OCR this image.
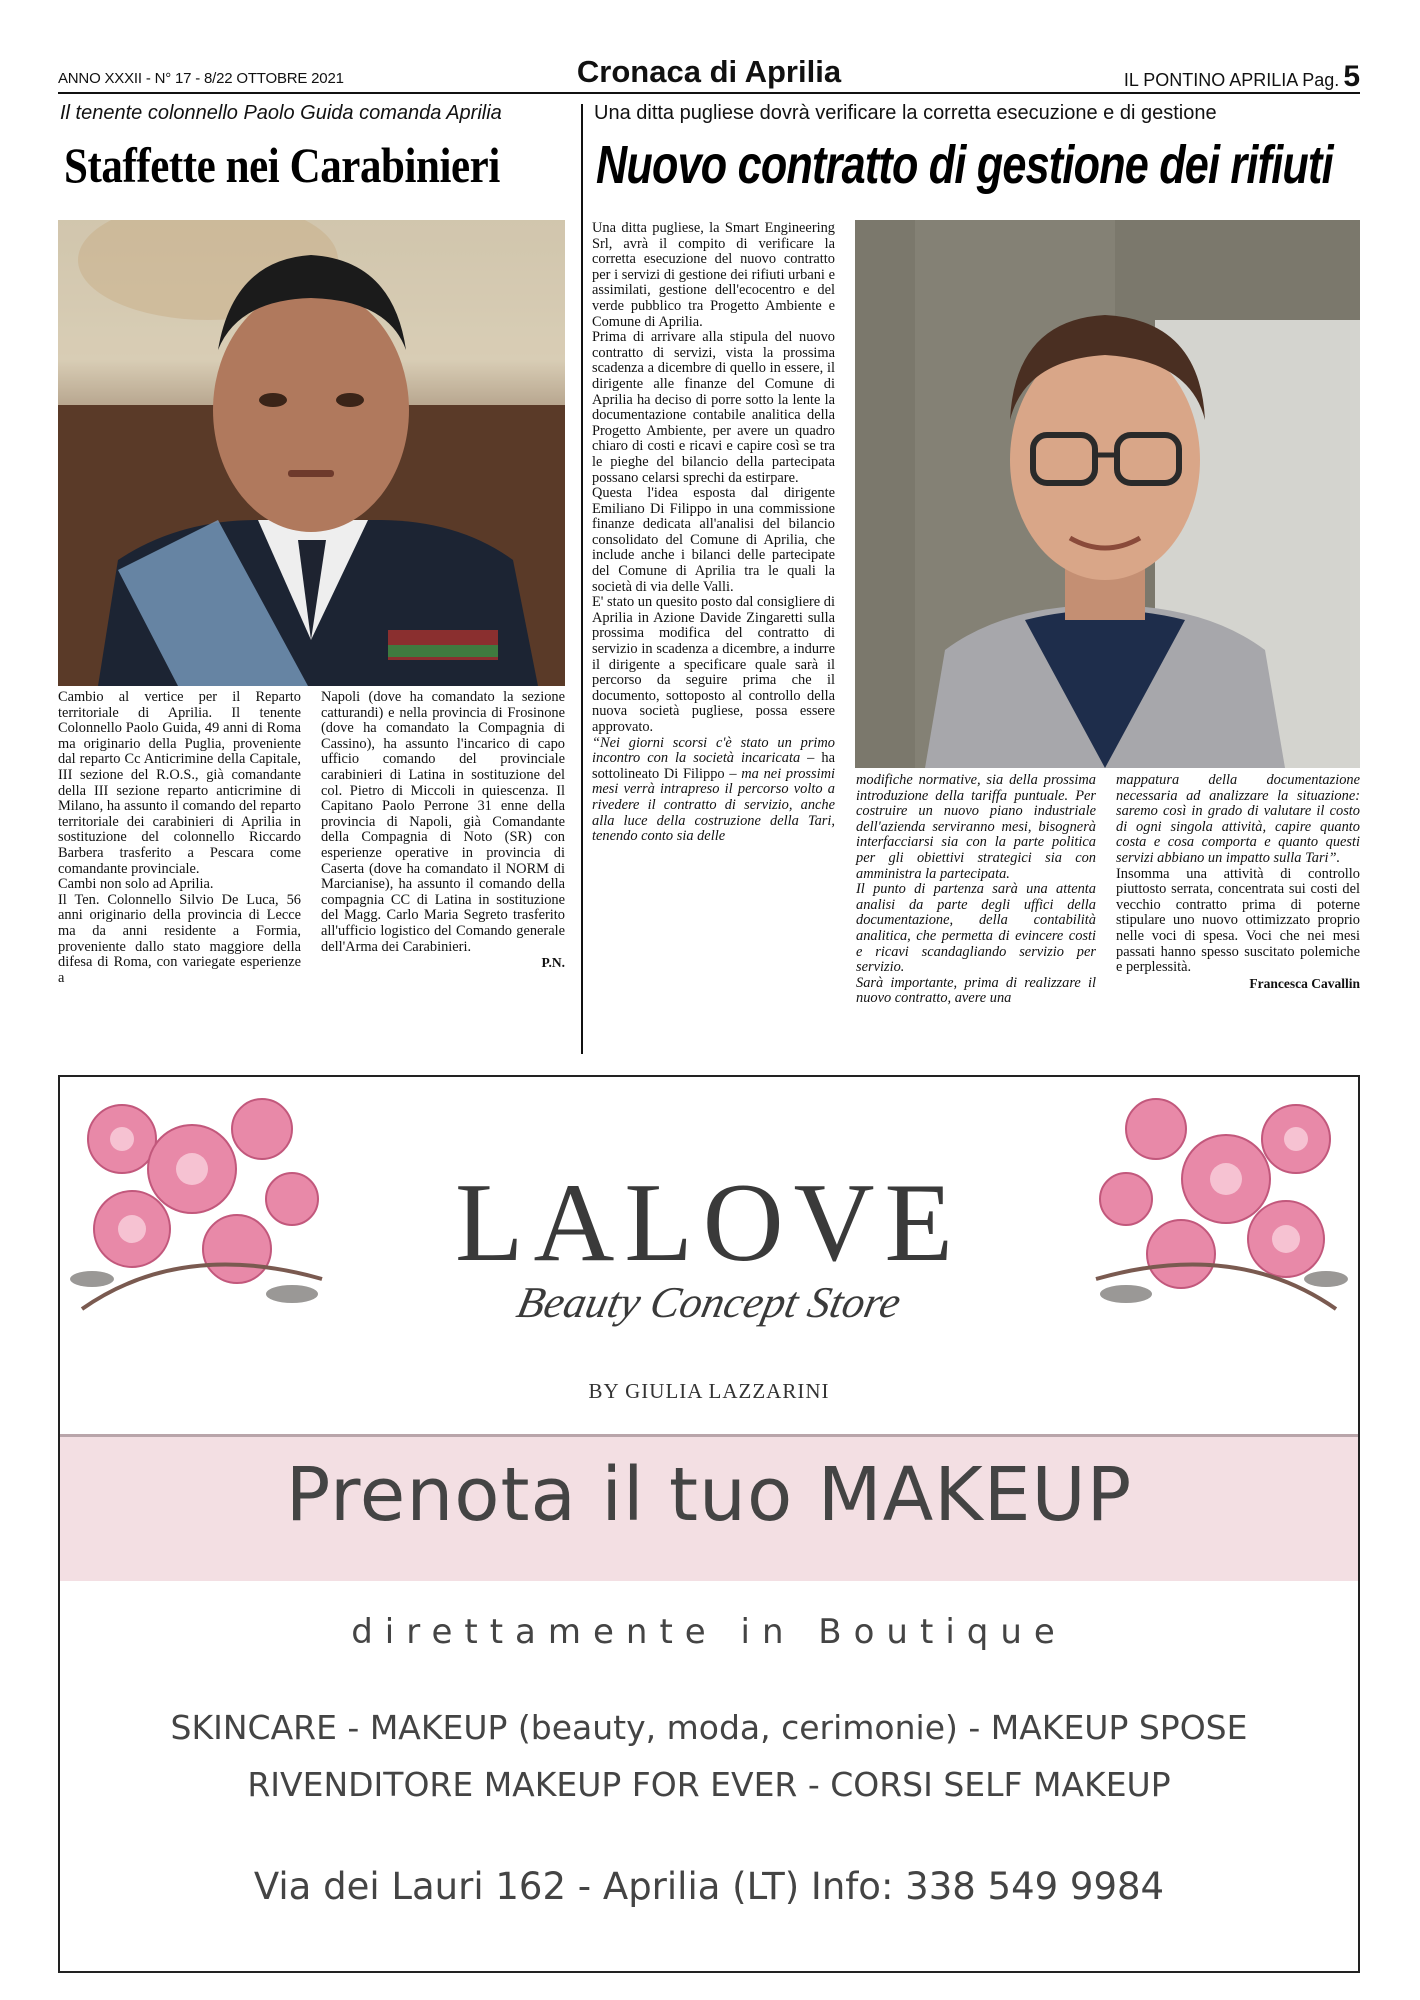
ANNO XXXII - N° 17 - 8/22 OTTOBRE 2021	Cronaca di Aprilia	IL PONTINO APRILIA Pag. 5
Il tenente colonnello Paolo Guida comanda Aprilia
Staffette nei Carabinieri

Cambio al vertice per il Reparto territoriale di Aprilia. Il tenente Colonnello Paolo Guida, 49 anni di Roma ma originario della Puglia, proveniente dal reparto Cc Anticrimine della Capitale, III sezione del R.O.S., già comandante della III sezione reparto anticrimine di Milano, ha assunto il comando del reparto territoriale dei carabinieri di Aprilia in sostituzione del colonnello Riccardo Barbera trasferito a Pescara come comandante provinciale.

Cambi non solo ad Aprilia.

Il Ten. Colonnello Silvio De Luca, 56 anni originario della provincia di Lecce ma da anni residente a Formia, proveniente dallo stato maggiore della difesa di Roma, con variegate esperienze a

Napoli (dove ha comandato la sezione catturandi) e nella provincia di Frosinone (dove ha comandato la Compagnia di Cassino), ha assunto l'incarico di capo ufficio comando del provinciale carabinieri di Latina in sostituzione del col. Pietro di Miccoli in quiescenza. Il Capitano Paolo Perrone 31 enne della provincia di Napoli, già Comandante della Compagnia di Noto (SR) con esperienze operative in provincia di Caserta (dove ha comandato il NORM di Marcianise), ha assunto il comando della compagnia CC di Latina in sostituzione del Magg. Carlo Maria Segreto trasferito all'ufficio logistico del Comando generale dell'Arma dei Carabinieri.

P.N.

Una ditta pugliese dovrà verificare la corretta esecuzione e di gestione
Nuovo contratto di gestione dei rifiuti

Una ditta pugliese, la Smart Engineering Srl, avrà il compito di verificare la corretta esecuzione del nuovo contratto per i servizi di gestione dei rifiuti urbani e assimilati, gestione dell'ecocentro e del verde pubblico tra Progetto Ambiente e Comune di Aprilia.

Prima di arrivare alla stipula del nuovo contratto di servizi, vista la prossima scadenza a dicembre di quello in essere, il dirigente alle finanze del Comune di Aprilia ha deciso di porre sotto la lente la documentazione contabile analitica della Progetto Ambiente, per avere un quadro chiaro di costi e ricavi e capire così se tra le pieghe del bilancio della partecipata possano celarsi sprechi da estirpare.

Questa l'idea esposta dal dirigente Emiliano Di Filippo in una commissione finanze dedicata all'analisi del bilancio consolidato del Comune di Aprilia, che include anche i bilanci delle partecipate del Comune di Aprilia tra le quali la società di via delle Valli.

E' stato un quesito posto dal consigliere di Aprilia in Azione Davide Zingaretti sulla prossima modifica del contratto di servizio in scadenza a dicembre, a indurre il dirigente a specificare quale sarà il percorso da seguire prima che il documento, sottoposto al controllo della nuova società pugliese, possa essere approvato.

“Nei giorni scorsi c'è stato un primo incontro con la società incaricata – ha sottolineato Di Filippo – ma nei prossimi mesi verrà intrapreso il percorso volto a rivedere il contratto di servizio, anche alla luce della costruzione della Tari, tenendo conto sia delle

modifiche normative, sia della prossima introduzione della tariffa puntuale. Per costruire un nuovo piano industriale dell'azienda serviranno mesi, bisognerà interfacciarsi sia con la parte politica per gli obiettivi strategici sia con amministra la partecipata.

Il punto di partenza sarà una attenta analisi da parte degli uffici della documentazione, della contabilità analitica, che permetta di evincere costi e ricavi scandagliando servizio per servizio.

Sarà importante, prima di realizzare il nuovo contratto, avere una

mappatura della documentazione necessaria ad analizzare la situazione: saremo così in grado di valutare il costo di ogni singola attività, capire quanto costa e cosa comporta e quanto questi servizi abbiano un impatto sulla Tari”.

Insomma una attività di controllo piuttosto serrata, concentrata sui costi del vecchio contratto prima di poterne stipulare uno nuovo ottimizzato proprio nelle voci di spesa. Voci che nei mesi passati hanno spesso suscitato polemiche e perplessità.

Francesca Cavallin

LALOVE
Beauty Concept Store
BY GIULIA LAZZARINI
Prenota il tuo MAKEUP
direttamente in Boutique
SKINCARE - MAKEUP (beauty, moda, cerimonie) - MAKEUP SPOSE
RIVENDITORE MAKEUP FOR EVER - CORSI SELF MAKEUP
Via dei Lauri 162 - Aprilia (LT) Info: 338 549 9984
